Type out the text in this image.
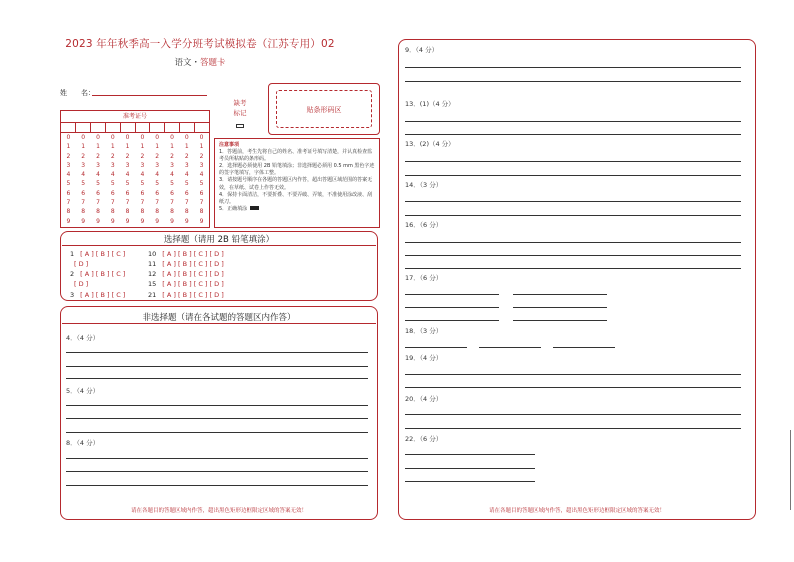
2023 年年秋季高一入学分班考试模拟卷（江苏专用）02
语文・答题卡
姓　　名：
准考证号
0
1
2
3
4
5
6
7
8
9
0
1
2
3
4
5
6
7
8
9
0
1
2
3
4
5
6
7
8
9
0
1
2
3
4
5
6
7
8
9
0
1
2
3
4
5
6
7
8
9
0
1
2
3
4
5
6
7
8
9
0
1
2
3
4
5
6
7
8
9
0
1
2
3
4
5
6
7
8
9
0
1
2
3
4
5
6
7
8
9
0
1
2
3
4
5
6
7
8
9
缺考
标记	贴条形码区
注意事项
1．答题前，考生先将自己的姓名、准考证号填写清楚，并认真检查监考员所粘贴的条形码。
2．选择题必须使用 2B 铅笔填涂；非选择题必须用 0.5 mm 黑色字迹的签字笔填写，字体工整。
3．请按题号顺序在各题的答题区内作答，超出答题区域范围的答案无效，在草纸、试卷上作答无效。
4．保持卡面清洁，不要折叠、不要弄破、弄皱，不准使用涂改液、刮纸刀。
5．正确填涂
选择题（请用 2B 铅笔填涂）
1 [ A ] [ B ] [ C ]
[ D ]
2 [ A ] [ B ] [ C ]
[ D ]
3 [ A ] [ B ] [ C ]
10 [ A ] [ B ] [ C ] [ D ]
11 [ A ] [ B ] [ C ] [ D ]
12 [ A ] [ B ] [ C ] [ D ]
15 [ A ] [ B ] [ C ] [ D ]
21 [ A ] [ B ] [ C ] [ D ]
非选择题（请在各试题的答题区内作答）
4．（4 分）
5．（4 分）
8．（4 分）
请在各题目的答题区域内作答，超出黑色矩形边框限定区域的答案无效！
9．（4 分）
13．(1)（4 分）
13．(2)（4 分）
14．（3 分）
16．（6 分）
17．（6 分）
18．（3 分）
19．（4 分）
20．（4 分）
22．（6 分）
请在各题目的答题区域内作答，超出黑色矩形边框限定区域的答案无效！
